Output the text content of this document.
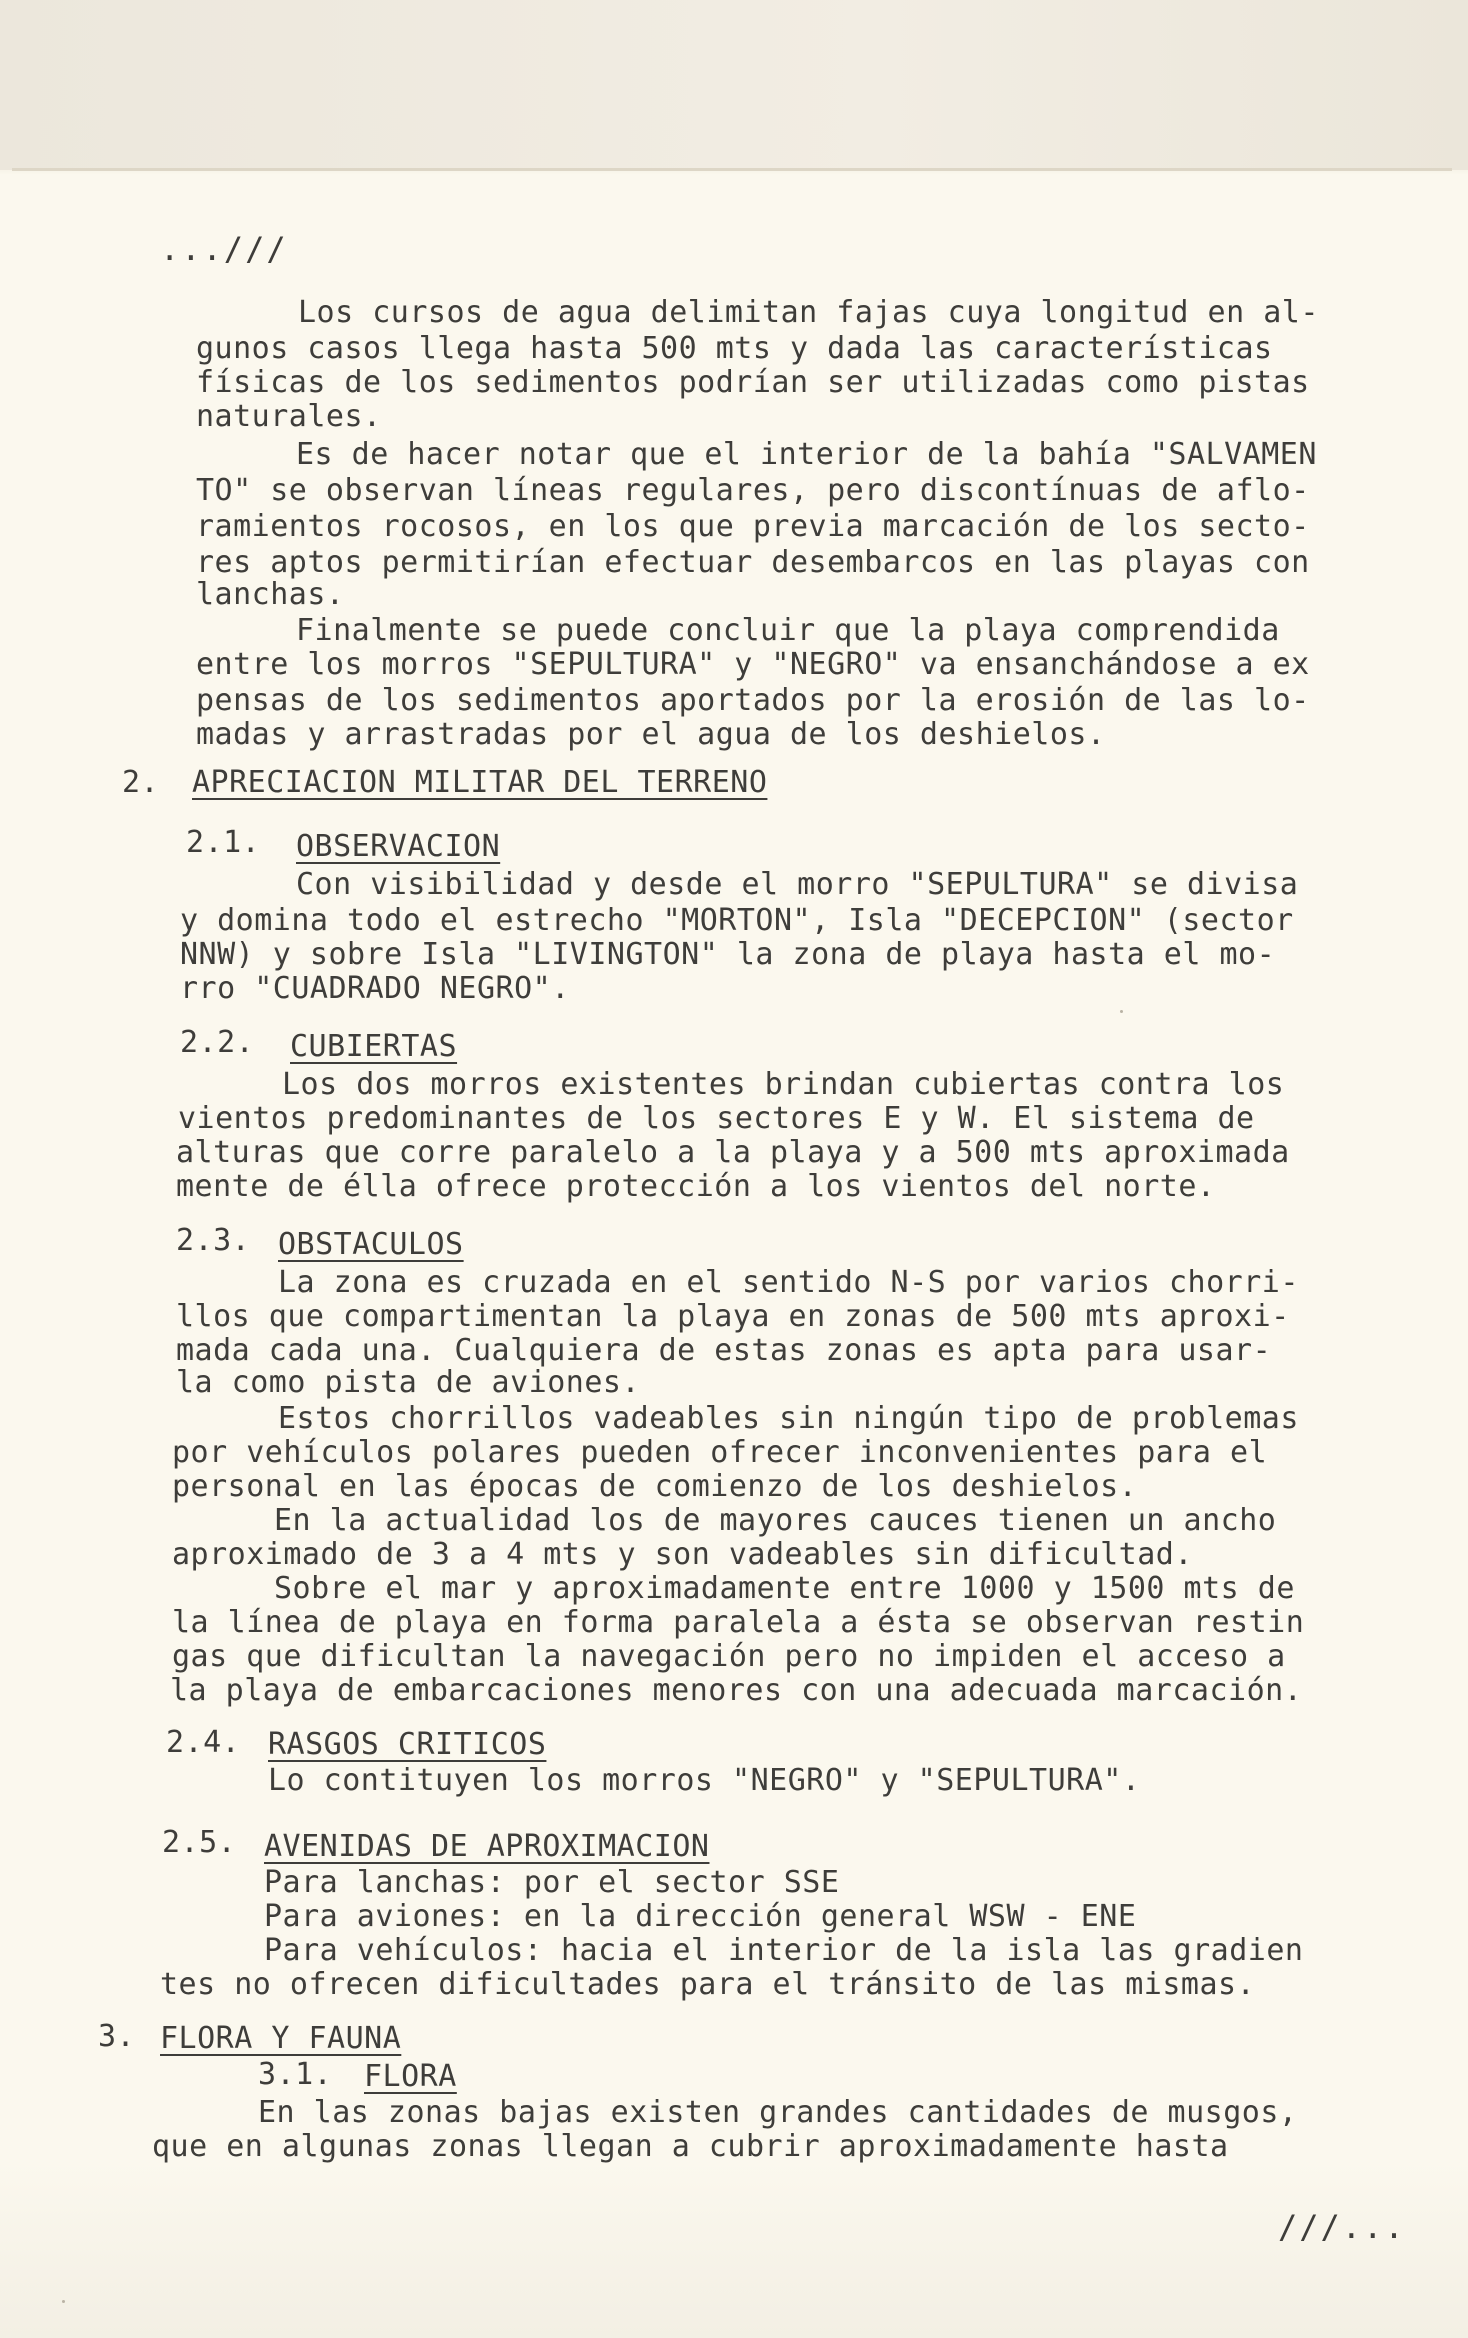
...///
Los cursos de agua delimitan fajas cuya longitud en al-
gunos casos llega hasta 500 mts y dada las características
físicas de los sedimentos podrían ser utilizadas como pistas
naturales.
Es de hacer notar que el interior de la bahía "SALVAMEN
TO" se observan líneas regulares, pero discontínuas de aflo-
ramientos rocosos, en los que previa marcación de los secto-
res aptos permitirían efectuar desembarcos en las playas con
lanchas.
Finalmente se puede concluir que la playa comprendida
entre los morros "SEPULTURA" y "NEGRO" va ensanchándose a ex
pensas de los sedimentos aportados por la erosión de las lo-
madas y arrastradas por el agua de los deshielos.
2. APRECIACION MILITAR DEL TERRENO
2.1. OBSERVACION
Con visibilidad y desde el morro "SEPULTURA" se divisa
y domina todo el estrecho "MORTON", Isla "DECEPCION" (sector
NNW) y sobre Isla "LIVINGTON" la zona de playa hasta el mo-
rro "CUADRADO NEGRO".
2.2. CUBIERTAS
Los dos morros existentes brindan cubiertas contra los
vientos predominantes de los sectores E y W. El sistema de
alturas que corre paralelo a la playa y a 500 mts aproximada
mente de élla ofrece protección a los vientos del norte.
2.3. OBSTACULOS
La zona es cruzada en el sentido N-S por varios chorri-
llos que compartimentan la playa en zonas de 500 mts aproxi-
mada cada una. Cualquiera de estas zonas es apta para usar-
la como pista de aviones.
Estos chorrillos vadeables sin ningún tipo de problemas
por vehículos polares pueden ofrecer inconvenientes para el
personal en las épocas de comienzo de los deshielos.
En la actualidad los de mayores cauces tienen un ancho
aproximado de 3 a 4 mts y son vadeables sin dificultad.
Sobre el mar y aproximadamente entre 1000 y 1500 mts de
la línea de playa en forma paralela a ésta se observan restin
gas que dificultan la navegación pero no impiden el acceso a
la playa de embarcaciones menores con una adecuada marcación.
2.4. RASGOS CRITICOS
Lo contituyen los morros "NEGRO" y "SEPULTURA".
2.5. AVENIDAS DE APROXIMACION
Para lanchas: por el sector SSE
Para aviones: en la dirección general WSW - ENE
Para vehículos: hacia el interior de la isla las gradien
tes no ofrecen dificultades para el tránsito de las mismas.
3. FLORA Y FAUNA
3.1. FLORA
En las zonas bajas existen grandes cantidades de musgos,
que en algunas zonas llegan a cubrir aproximadamente hasta
///...
